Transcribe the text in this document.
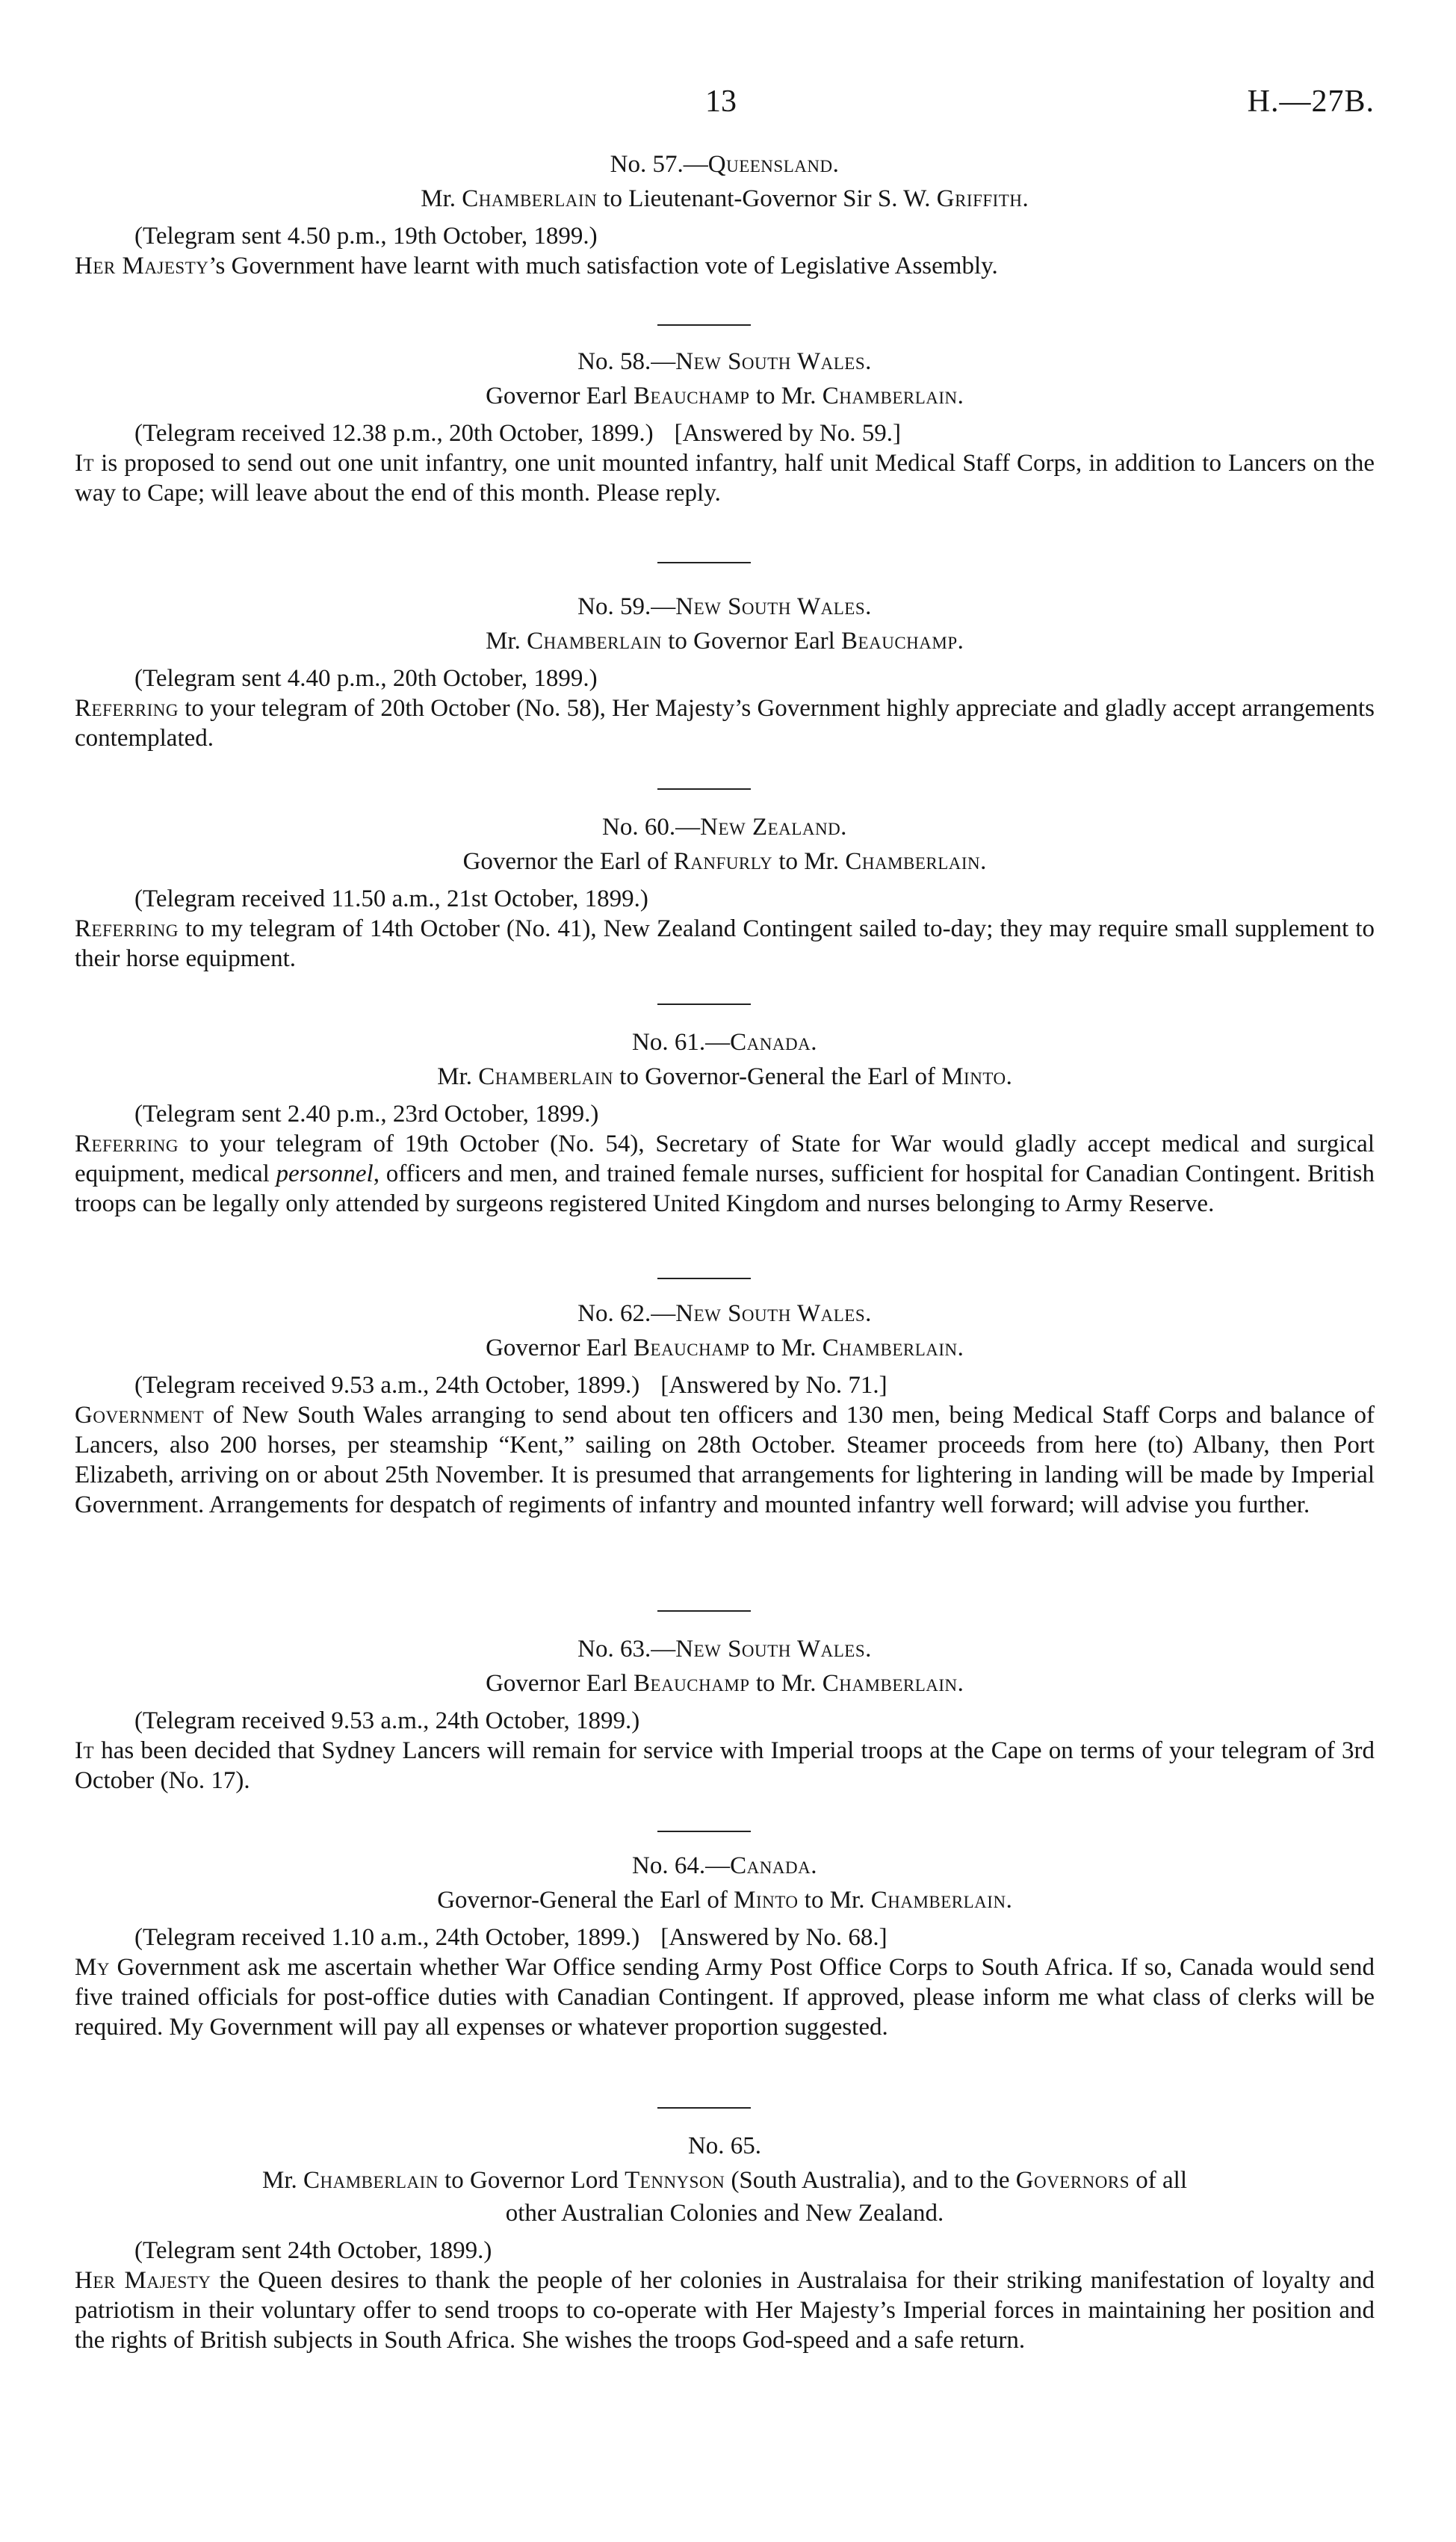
13	H.—27B.

No. 57.—Queensland.

Mr. Chamberlain to Lieutenant-Governor Sir S. W. Griffith.

(Telegram sent 4.50 p.m., 19th October, 1899.)

Her Majesty’s Government have learnt with much satisfaction vote of Legislative Assembly.

No. 58.—New South Wales.

Governor Earl Beauchamp to Mr. Chamberlain.

(Telegram received 12.38 p.m., 20th October, 1899.) [Answered by No. 59.]

It is proposed to send out one unit infantry, one unit mounted infantry, half unit Medical Staff Corps, in addition to Lancers on the way to Cape; will leave about the end of this month. Please reply.

No. 59.—New South Wales.

Mr. Chamberlain to Governor Earl Beauchamp.

(Telegram sent 4.40 p.m., 20th October, 1899.)

Referring to your telegram of 20th October (No. 58), Her Majesty’s Government highly appreciate and gladly accept arrangements contemplated.

No. 60.—New Zealand.

Governor the Earl of Ranfurly to Mr. Chamberlain.

(Telegram received 11.50 a.m., 21st October, 1899.)

Referring to my telegram of 14th October (No. 41), New Zealand Contingent sailed to-day; they may require small supplement to their horse equipment.

No. 61.—Canada.

Mr. Chamberlain to Governor-General the Earl of Minto.

(Telegram sent 2.40 p.m., 23rd October, 1899.)

Referring to your telegram of 19th October (No. 54), Secretary of State for War would gladly accept medical and surgical equipment, medical personnel, officers and men, and trained female nurses, sufficient for hospital for Canadian Contingent. British troops can be legally only attended by surgeons registered United Kingdom and nurses belonging to Army Reserve.

No. 62.—New South Wales.

Governor Earl Beauchamp to Mr. Chamberlain.

(Telegram received 9.53 a.m., 24th October, 1899.) [Answered by No. 71.]

Government of New South Wales arranging to send about ten officers and 130 men, being Medical Staff Corps and balance of Lancers, also 200 horses, per steamship “Kent,” sailing on 28th October. Steamer proceeds from here (to) Albany, then Port Elizabeth, arriving on or about 25th November. It is presumed that arrangements for lightering in landing will be made by Imperial Government. Arrangements for despatch of regiments of infantry and mounted infantry well forward; will advise you further.

No. 63.—New South Wales.

Governor Earl Beauchamp to Mr. Chamberlain.

(Telegram received 9.53 a.m., 24th October, 1899.)

It has been decided that Sydney Lancers will remain for service with Imperial troops at the Cape on terms of your telegram of 3rd October (No. 17).

No. 64.—Canada.

Governor-General the Earl of Minto to Mr. Chamberlain.

(Telegram received 1.10 a.m., 24th October, 1899.) [Answered by No. 68.]

My Government ask me ascertain whether War Office sending Army Post Office Corps to South Africa. If so, Canada would send five trained officials for post-office duties with Canadian Contingent. If approved, please inform me what class of clerks will be required. My Government will pay all expenses or whatever proportion suggested.

No. 65.

Mr. Chamberlain to Governor Lord Tennyson (South Australia), and to the Governors of all

other Australian Colonies and New Zealand.

(Telegram sent 24th October, 1899.)

Her Majesty the Queen desires to thank the people of her colonies in Australaisa for their striking manifestation of loyalty and patriotism in their voluntary offer to send troops to co-operate with Her Majesty’s Imperial forces in maintaining her position and the rights of British subjects in South Africa. She wishes the troops God-speed and a safe return.
